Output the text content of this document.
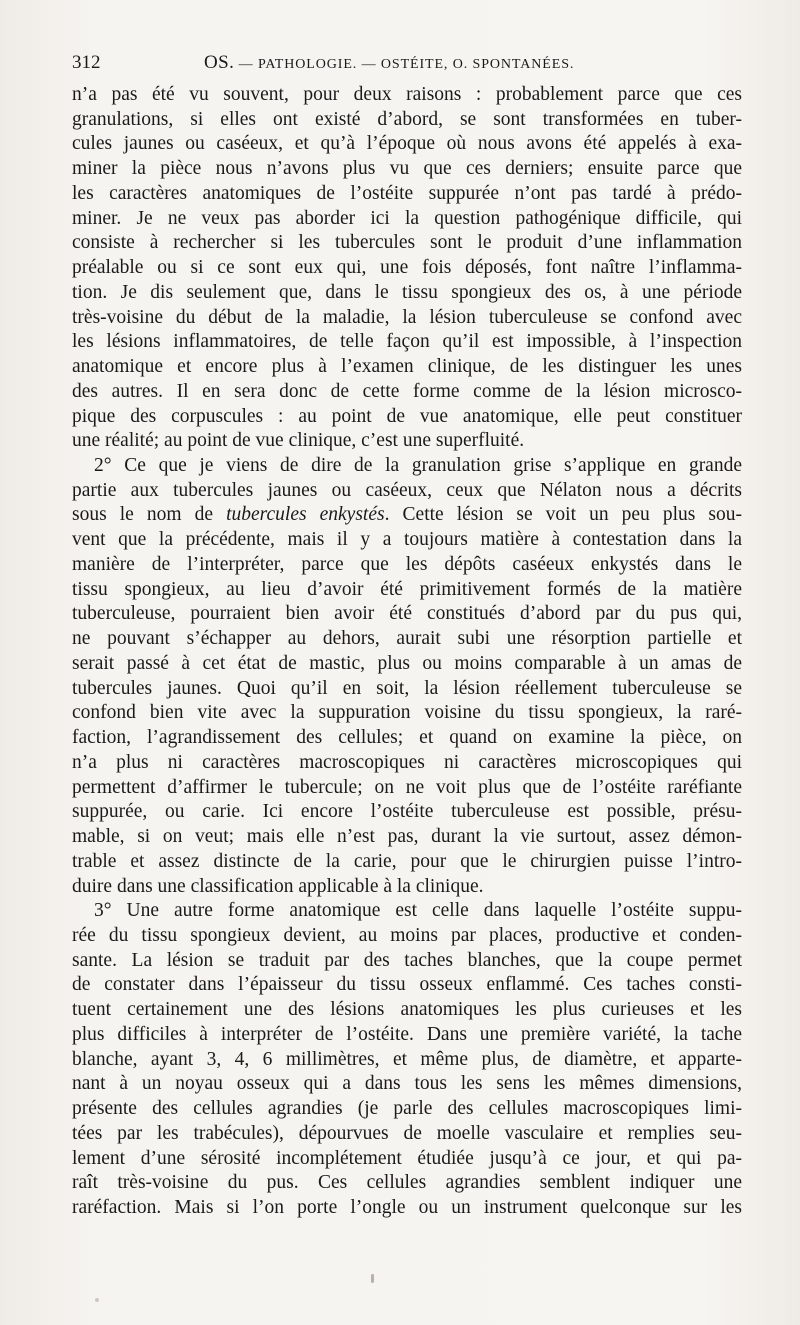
312	OS. — PATHOLOGIE. — OSTÉITE, O. SPONTANÉES.
n’a pas été vu souvent, pour deux raisons : probablement parce que ces
granulations, si elles ont existé d’abord, se sont transformées en tuber-
cules jaunes ou caséeux, et qu’à l’époque où nous avons été appelés à exa-
miner la pièce nous n’avons plus vu que ces derniers; ensuite parce que
les caractères anatomiques de l’ostéite suppurée n’ont pas tardé à prédo-
miner. Je ne veux pas aborder ici la question pathogénique difficile, qui
consiste à rechercher si les tubercules sont le produit d’une inflammation
préalable ou si ce sont eux qui, une fois déposés, font naître l’inflamma-
tion. Je dis seulement que, dans le tissu spongieux des os, à une période
très-voisine du début de la maladie, la lésion tuberculeuse se confond avec
les lésions inflammatoires, de telle façon qu’il est impossible, à l’inspection
anatomique et encore plus à l’examen clinique, de les distinguer les unes
des autres. Il en sera donc de cette forme comme de la lésion microsco-
pique des corpuscules : au point de vue anatomique, elle peut constituer
une réalité; au point de vue clinique, c’est une superfluité.
2° Ce que je viens de dire de la granulation grise s’applique en grande
partie aux tubercules jaunes ou caséeux, ceux que Nélaton nous a décrits
sous le nom de tubercules enkystés. Cette lésion se voit un peu plus sou-
vent que la précédente, mais il y a toujours matière à contestation dans la
manière de l’interpréter, parce que les dépôts caséeux enkystés dans le
tissu spongieux, au lieu d’avoir été primitivement formés de la matière
tuberculeuse, pourraient bien avoir été constitués d’abord par du pus qui,
ne pouvant s’échapper au dehors, aurait subi une résorption partielle et
serait passé à cet état de mastic, plus ou moins comparable à un amas de
tubercules jaunes. Quoi qu’il en soit, la lésion réellement tuberculeuse se
confond bien vite avec la suppuration voisine du tissu spongieux, la raré-
faction, l’agrandissement des cellules; et quand on examine la pièce, on
n’a plus ni caractères macroscopiques ni caractères microscopiques qui
permettent d’affirmer le tubercule; on ne voit plus que de l’ostéite raréfiante
suppurée, ou carie. Ici encore l’ostéite tuberculeuse est possible, présu-
mable, si on veut; mais elle n’est pas, durant la vie surtout, assez démon-
trable et assez distincte de la carie, pour que le chirurgien puisse l’intro-
duire dans une classification applicable à la clinique.
3° Une autre forme anatomique est celle dans laquelle l’ostéite suppu-
rée du tissu spongieux devient, au moins par places, productive et conden-
sante. La lésion se traduit par des taches blanches, que la coupe permet
de constater dans l’épaisseur du tissu osseux enflammé. Ces taches consti-
tuent certainement une des lésions anatomiques les plus curieuses et les
plus difficiles à interpréter de l’ostéite. Dans une première variété, la tache
blanche, ayant 3, 4, 6 millimètres, et même plus, de diamètre, et apparte-
nant à un noyau osseux qui a dans tous les sens les mêmes dimensions,
présente des cellules agrandies (je parle des cellules macroscopiques limi-
tées par les trabécules), dépourvues de moelle vasculaire et remplies seu-
lement d’une sérosité incomplétement étudiée jusqu’à ce jour, et qui pa-
raît très-voisine du pus. Ces cellules agrandies semblent indiquer une
raréfaction. Mais si l’on porte l’ongle ou un instrument quelconque sur les
